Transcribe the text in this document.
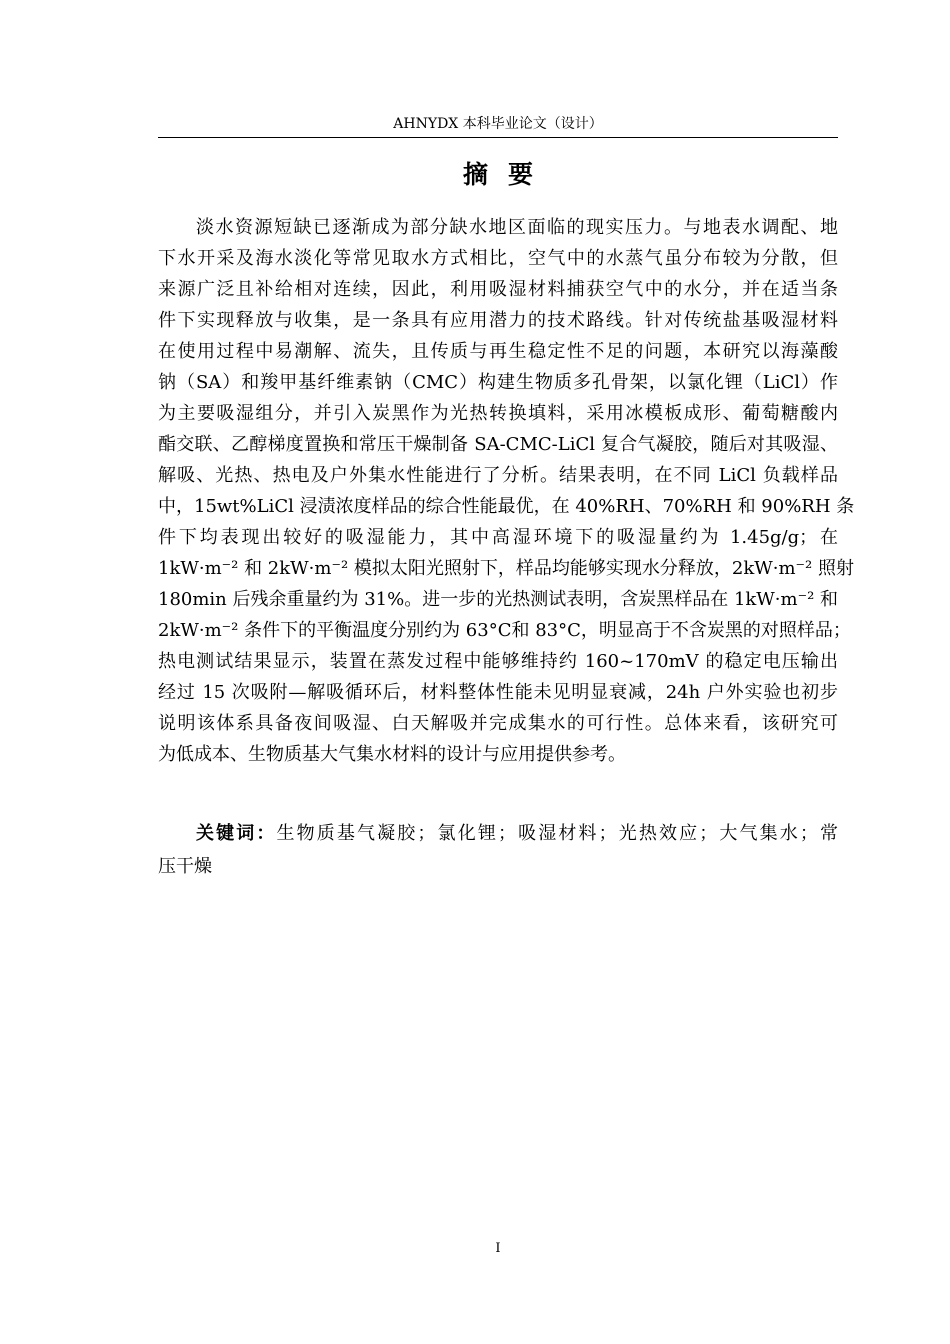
AHNYDX 本科毕业论文（设计）
摘要
淡水资源短缺已逐渐成为部分缺水地区面临的现实压力。与地表水调配、地
下水开采及海水淡化等常见取水方式相比，空气中的水蒸气虽分布较为分散，但
来源广泛且补给相对连续，因此，利用吸湿材料捕获空气中的水分，并在适当条
件下实现释放与收集，是一条具有应用潜力的技术路线。针对传统盐基吸湿材料
在使用过程中易潮解、流失，且传质与再生稳定性不足的问题，本研究以海藻酸
钠（SA）和羧甲基纤维素钠（CMC）构建生物质多孔骨架，以氯化锂（LiCl）作
为主要吸湿组分，并引入炭黑作为光热转换填料，采用冰模板成形、葡萄糖酸内
酯交联、乙醇梯度置换和常压干燥制备 SA-CMC-LiCl 复合气凝胶，随后对其吸湿、
解吸、光热、热电及户外集水性能进行了分析。结果表明，在不同 LiCl 负载样品
中，15wt%LiCl 浸渍浓度样品的综合性能最优，在 40%RH、70%RH 和 90%RH 条
件下均表现出较好的吸湿能力，其中高湿环境下的吸湿量约为 1.45g/g；在
1kW·m⁻² 和 2kW·m⁻² 模拟太阳光照射下，样品均能够实现水分释放，2kW·m⁻² 照射
180min 后残余重量约为 31%。进一步的光热测试表明，含炭黑样品在 1kW·m⁻² 和
2kW·m⁻² 条件下的平衡温度分别约为 63°C和 83°C，明显高于不含炭黑的对照样品；
热电测试结果显示，装置在蒸发过程中能够维持约 160~170mV 的稳定电压输出
经过 15 次吸附—解吸循环后，材料整体性能未见明显衰减，24h 户外实验也初步
说明该体系具备夜间吸湿、白天解吸并完成集水的可行性。总体来看，该研究可
为低成本、生物质基大气集水材料的设计与应用提供参考。
关键词：生物质基气凝胶；氯化锂；吸湿材料；光热效应；大气集水；常
压干燥
I
